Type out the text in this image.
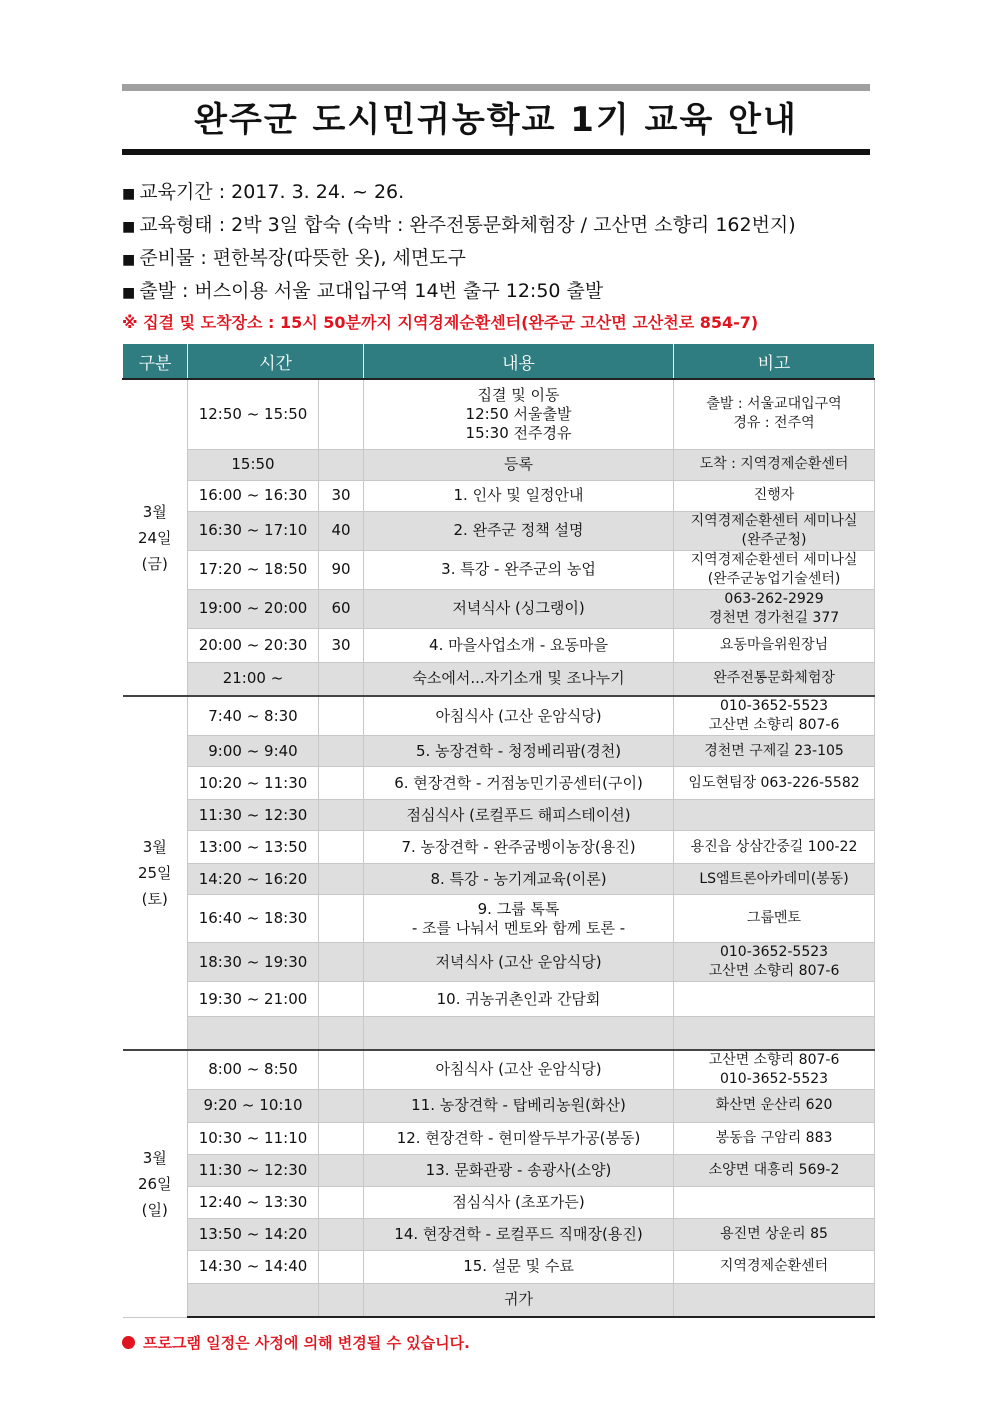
완주군 도시민귀농학교 1기 교육 안내
■ 교육기간 : 2017. 3. 24. ~ 26.
■ 교육형태 : 2박 3일 합숙 (숙박 : 완주전통문화체험장 / 고산면 소향리 162번지)
■ 준비물 : 편한복장(따뜻한 옷), 세면도구
■ 출발 : 버스이용 서울 교대입구역 14번 출구 12:50 출발
※ 집결 및 도착장소 : 15시 50분까지 지역경제순환센터(완주군 고산면 고산천로 854-7)
구분	시간		내용	비고
3월
24일
(금)	12:50 ~ 15:50		집결 및 이동
12:50 서울출발
15:30 전주경유	출발 : 서울교대입구역
경유 : 전주역
	15:50		등록	도착 : 지역경제순환센터
	16:00 ~ 16:30	30	1. 인사 및 일정안내	진행자
	16:30 ~ 17:10	40	2. 완주군 정책 설명	지역경제순환센터 세미나실
(완주군청)
	17:20 ~ 18:50	90	3. 특강 - 완주군의 농업	지역경제순환센터 세미나실
(완주군농업기술센터)
	19:00 ~ 20:00	60	저녁식사 (싱그랭이)	063-262-2929
경천면 경가천길 377
	20:00 ~ 20:30	30	4. 마을사업소개 - 요동마을	요동마을위원장님
	21:00 ~		숙소에서...자기소개 및 조나누기	완주전통문화체험장
3월
25일
(토)	7:40 ~ 8:30		아침식사 (고산 운암식당)	010-3652-5523
고산면 소향리 807-6
	9:00 ~ 9:40		5. 농장견학 - 청정베리팜(경천)	경천면 구제길 23-105
	10:20 ~ 11:30		6. 현장견학 - 거점농민기공센터(구이)	임도현팀장 063-226-5582
	11:30 ~ 12:30		점심식사 (로컬푸드 해피스테이션)	
	13:00 ~ 13:50		7. 농장견학 - 완주굼벵이농장(용진)	용진읍 상삼간중길 100-22
	14:20 ~ 16:20		8. 특강 - 농기계교육(이론)	LS엠트론아카데미(봉동)
	16:40 ~ 18:30		9. 그룹 톡톡
- 조를 나눠서 멘토와 함께 토론 -	그룹멘토
	18:30 ~ 19:30		저녁식사 (고산 운암식당)	010-3652-5523
고산면 소향리 807-6
	19:30 ~ 21:00		10. 귀농귀촌인과 간담회	

3월
26일
(일)	8:00 ~ 8:50		아침식사 (고산 운암식당)	고산면 소향리 807-6
010-3652-5523
	9:20 ~ 10:10		11. 농장견학 - 탑베리농원(화산)	화산면 운산리 620
	10:30 ~ 11:10		12. 현장견학 - 현미쌀두부가공(봉동)	봉동읍 구암리 883
	11:30 ~ 12:30		13. 문화관광 - 송광사(소양)	소양면 대흥리 569-2
	12:40 ~ 13:30		점심식사 (초포가든)	
	13:50 ~ 14:20		14. 현장견학 - 로컬푸드 직매장(용진)	용진면 상운리 85
	14:30 ~ 14:40		15. 설문 및 수료	지역경제순환센터
			귀가	
프로그램 일정은 사정에 의해 변경될 수 있습니다.
